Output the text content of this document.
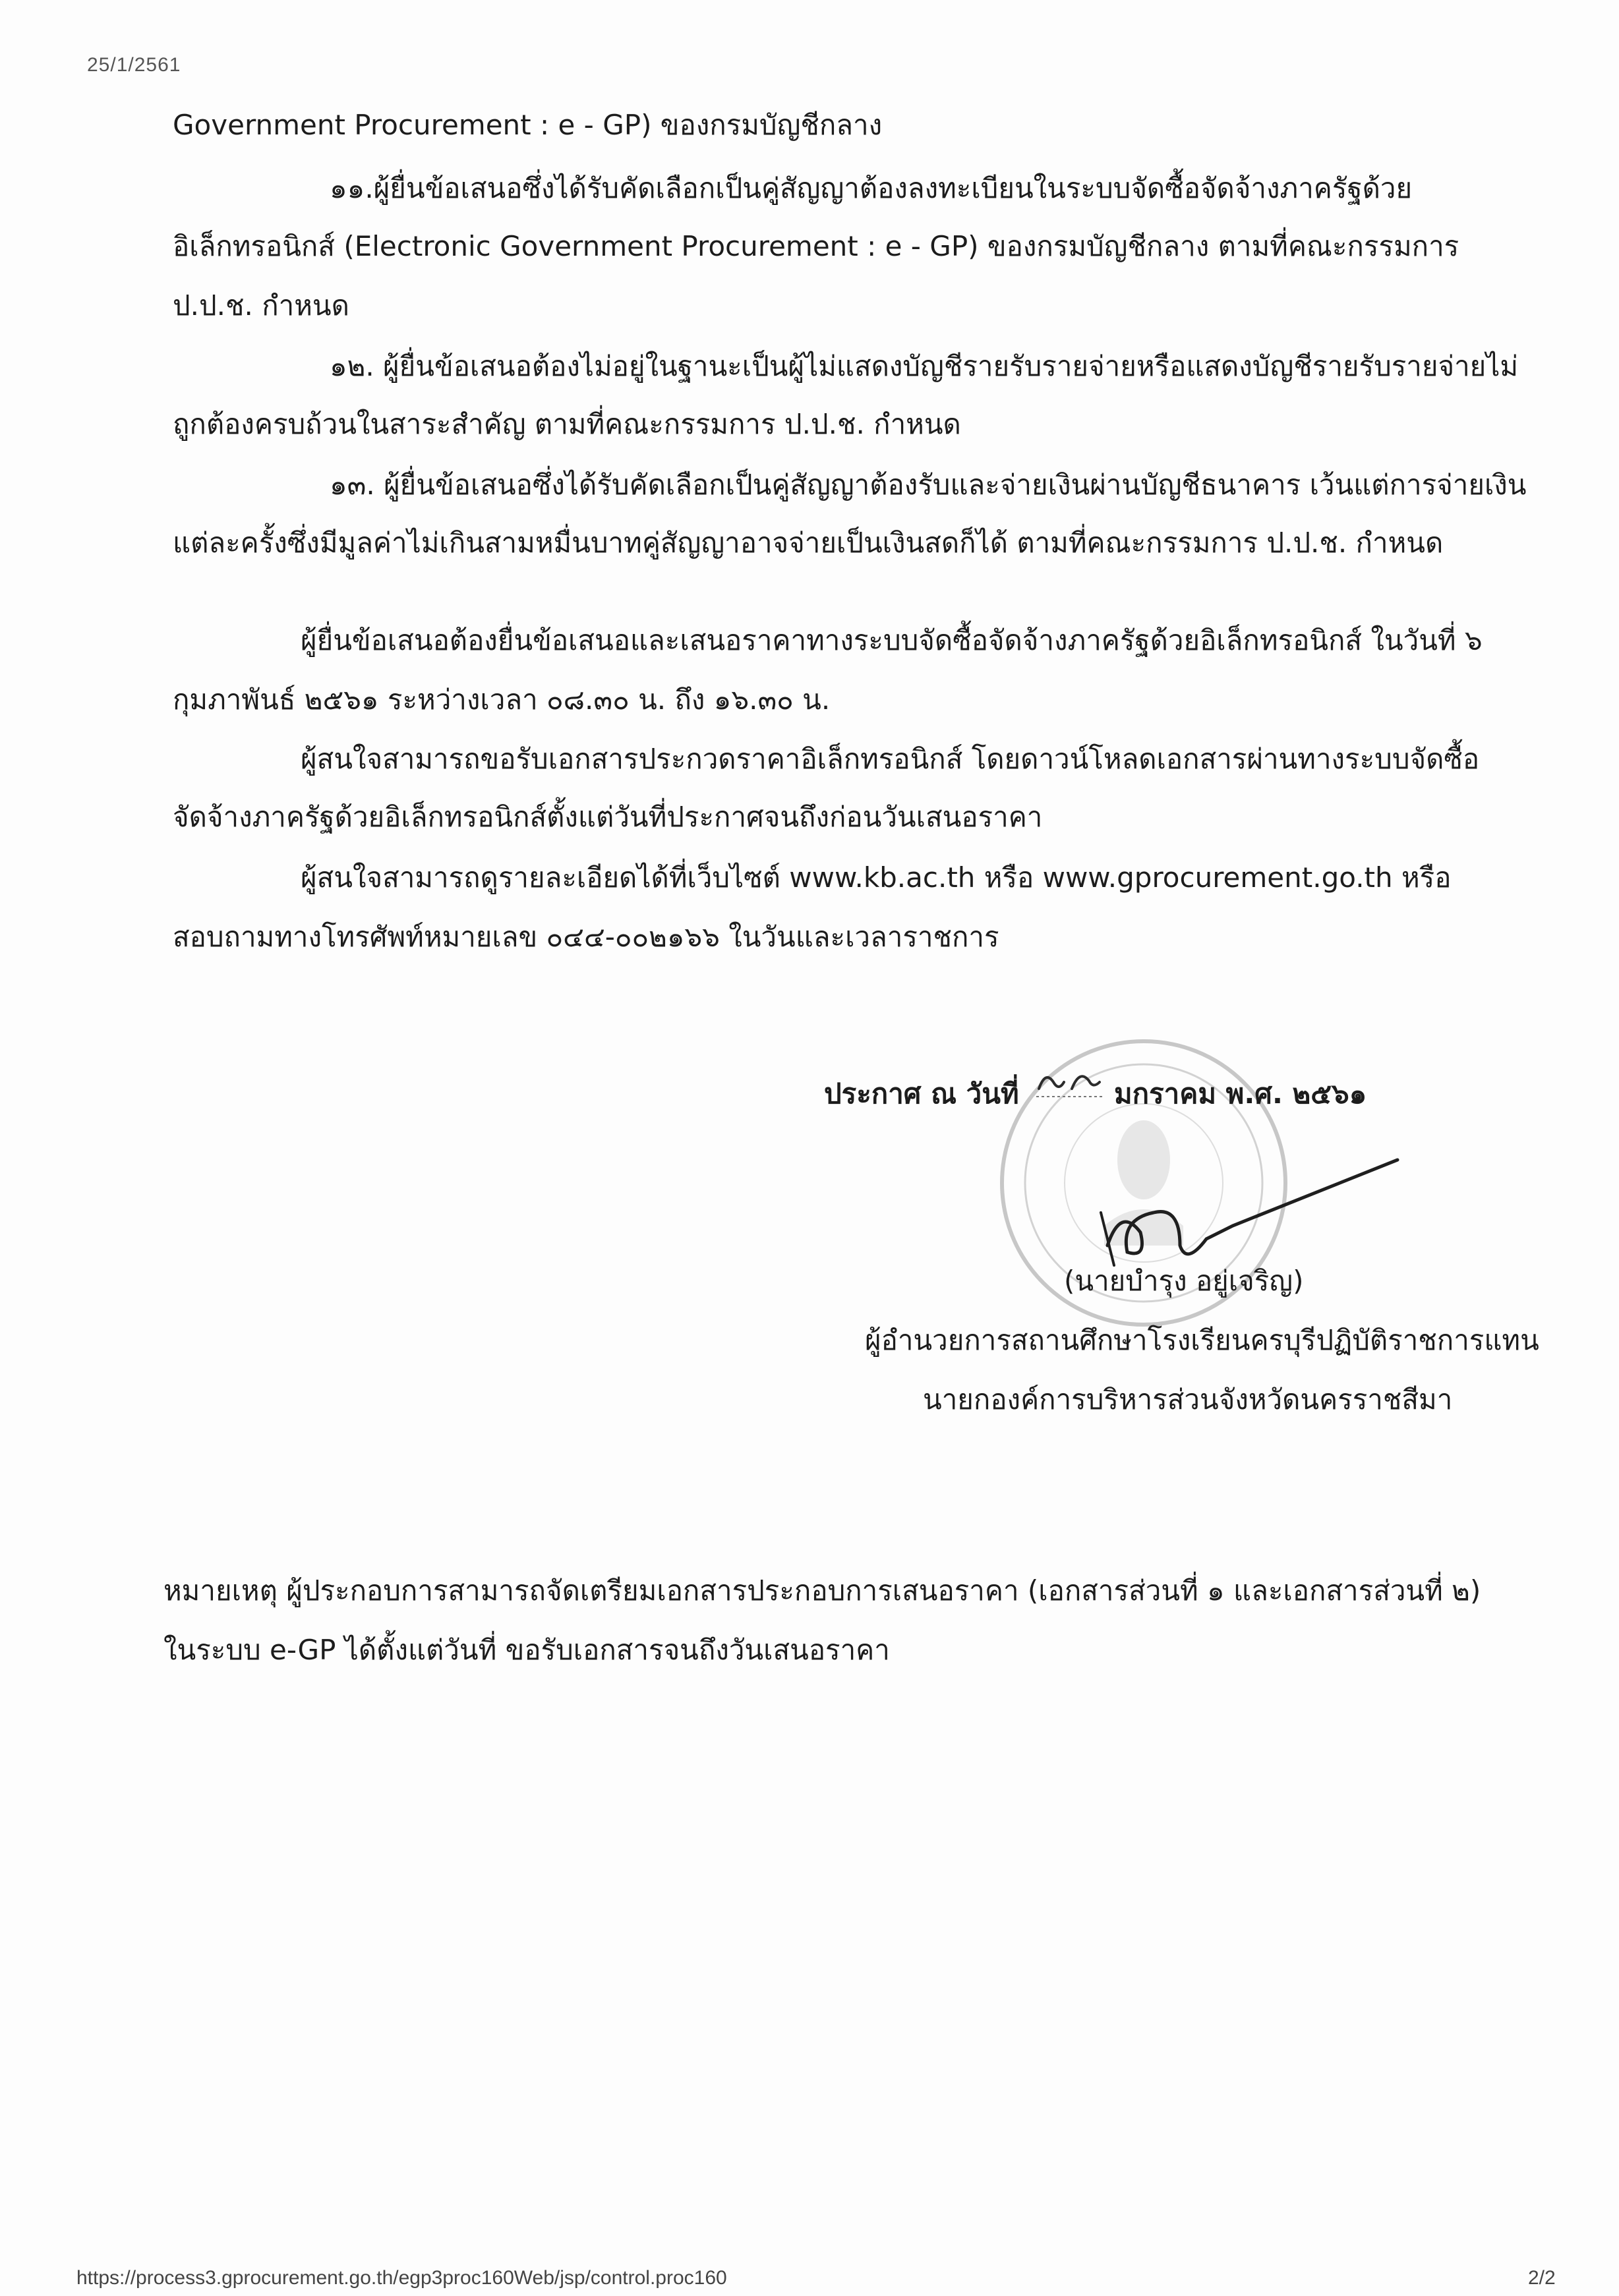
25/1/2561
Government Procurement : e - GP) ของกรมบัญชีกลาง
๑๑.ผู้ยื่นข้อเสนอซึ่งได้รับคัดเลือกเป็นคู่สัญญาต้องลงทะเบียนในระบบจัดซื้อจัดจ้างภาครัฐด้วย
อิเล็กทรอนิกส์ (Electronic Government Procurement : e - GP) ของกรมบัญชีกลาง ตามที่คณะกรรมการ
ป.ป.ช. กำหนด
๑๒. ผู้ยื่นข้อเสนอต้องไม่อยู่ในฐานะเป็นผู้ไม่แสดงบัญชีรายรับรายจ่ายหรือแสดงบัญชีรายรับรายจ่ายไม่
ถูกต้องครบถ้วนในสาระสำคัญ ตามที่คณะกรรมการ ป.ป.ช. กำหนด
๑๓. ผู้ยื่นข้อเสนอซึ่งได้รับคัดเลือกเป็นคู่สัญญาต้องรับและจ่ายเงินผ่านบัญชีธนาคาร เว้นแต่การจ่ายเงิน
แต่ละครั้งซึ่งมีมูลค่าไม่เกินสามหมื่นบาทคู่สัญญาอาจจ่ายเป็นเงินสดก็ได้ ตามที่คณะกรรมการ ป.ป.ช. กำหนด
ผู้ยื่นข้อเสนอต้องยื่นข้อเสนอและเสนอราคาทางระบบจัดซื้อจัดจ้างภาครัฐด้วยอิเล็กทรอนิกส์ ในวันที่ ๖
กุมภาพันธ์ ๒๕๖๑ ระหว่างเวลา ๐๘.๓๐ น. ถึง ๑๖.๓๐ น.
ผู้สนใจสามารถขอรับเอกสารประกวดราคาอิเล็กทรอนิกส์ โดยดาวน์โหลดเอกสารผ่านทางระบบจัดซื้อ
จัดจ้างภาครัฐด้วยอิเล็กทรอนิกส์ตั้งแต่วันที่ประกาศจนถึงก่อนวันเสนอราคา
ผู้สนใจสามารถดูรายละเอียดได้ที่เว็บไซต์ www.kb.ac.th หรือ www.gprocurement.go.th หรือ
สอบถามทางโทรศัพท์หมายเลข ๐๔๔-๐๐๒๑๖๖ ในวันและเวลาราชการ
ประกาศ ณ วันที่	มกราคม พ.ศ. ๒๕๖๑
(นายบำรุง อยู่เจริญ)
ผู้อำนวยการสถานศึกษาโรงเรียนครบุรีปฏิบัติราชการแทน
นายกองค์การบริหารส่วนจังหวัดนครราชสีมา
หมายเหตุ ผู้ประกอบการสามารถจัดเตรียมเอกสารประกอบการเสนอราคา (เอกสารส่วนที่ ๑ และเอกสารส่วนที่ ๒)
ในระบบ e-GP ได้ตั้งแต่วันที่ ขอรับเอกสารจนถึงวันเสนอราคา
https://process3.gprocurement.go.th/egp3proc160Web/jsp/control.proc160	2/2
